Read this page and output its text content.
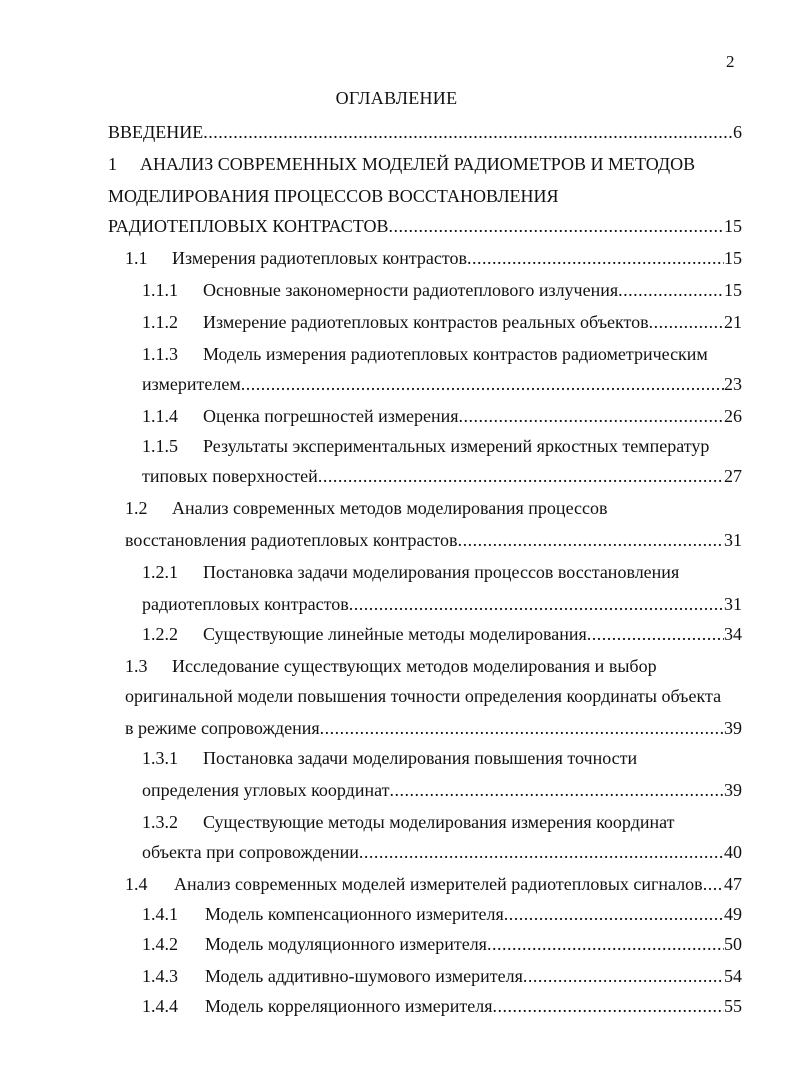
2
ОГЛАВЛЕНИЕ
ВВЕДЕНИЕ .....	6
1	АНАЛИЗ СОВРЕМЕННЫХ МОДЕЛЕЙ РАДИОМЕТРОВ И МЕТОДОВ
МОДЕЛИРОВАНИЯ ПРОЦЕССОВ ВОССТАНОВЛЕНИЯ
РАДИОТЕПЛОВЫХ КОНТРАСТОВ .....	15
1.1	Измерения радиотепловых контрастов .....	15
1.1.1	Основные закономерности радиотеплового излучения .....	15
1.1.2	Измерение радиотепловых контрастов реальных объектов .....	21
1.1.3	Модель измерения радиотепловых контрастов радиометрическим
измерителем .....	23
1.1.4	Оценка погрешностей измерения .....	26
1.1.5	Результаты экспериментальных измерений яркостных температур
типовых поверхностей .....	27
1.2	Анализ современных методов моделирования процессов
восстановления радиотепловых контрастов .....	31
1.2.1	Постановка задачи моделирования процессов восстановления
радиотепловых контрастов .....	31
1.2.2	Существующие линейные методы моделирования .....	34
1.3	Исследование существующих методов моделирования и выбор
оригинальной модели повышения точности определения координаты объекта
в режиме сопровождения .....	39
1.3.1	Постановка задачи моделирования повышения точности
определения угловых координат .....	39
1.3.2	Существующие методы моделирования измерения координат
объекта при сопровождении .....	40
1.4	Анализ современных моделей измерителей радиотепловых сигналов ..... 47
1.4.1	Модель компенсационного измерителя .....	49
1.4.2	Модель модуляционного измерителя .....	50
1.4.3	Модель аддитивно-шумового измерителя .....	54
1.4.4	Модель корреляционного измерителя .....	55
